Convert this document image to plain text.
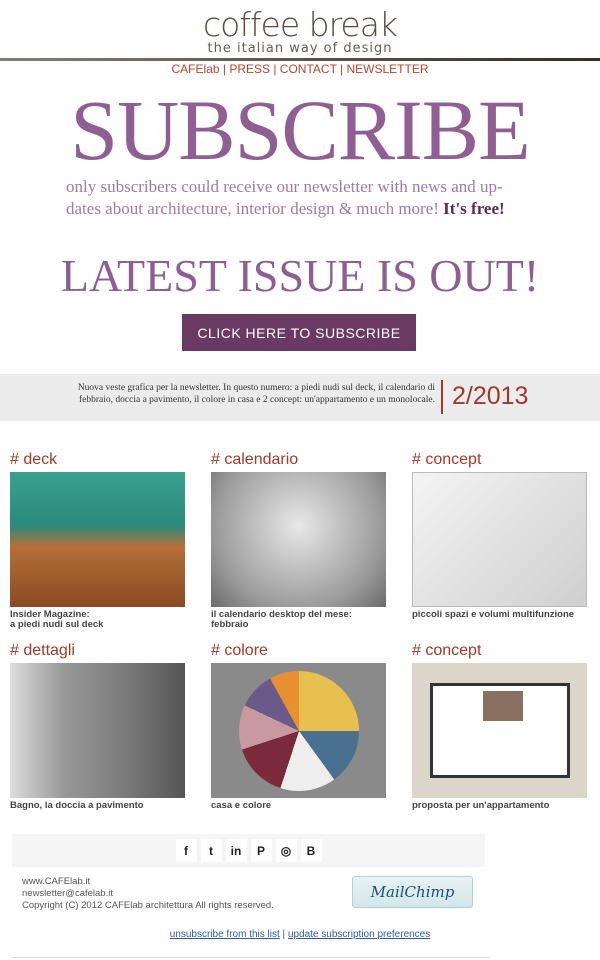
coffee break
the italian way of design
CAFElab | PRESS | CONTACT | NEWSLETTER
SUBSCRIBE
only subscribers could receive our newsletter with news and up-dates about architecture, interior design & much more! It's free!
LATEST ISSUE IS OUT!
CLICK HERE TO SUBSCRIBE
Nuova veste grafica per la newsletter. In questo numero: a piedi nudi sul deck, il calendario di febbraio, doccia a pavimento, il colore in casa e 2 concept: un'appartamento e un monolocale. 2/2013
# deck

Insider Magazine:
a piedi nudi sul deck

# calendario

il calendario desktop del mese:
febbraio

# concept

piccoli spazi e volumi multifunzione

# dettagli

Bagno, la doccia a pavimento

# colore

casa e colore

# concept

proposta per un'appartamento

f	t	in	P	◎	B
www.CAFElab.it
newsletter@cafelab.it
Copyright (C) 2012 CAFElab architettura All rights reserved.
MailChimp
unsubscribe from this list | update subscription preferences
